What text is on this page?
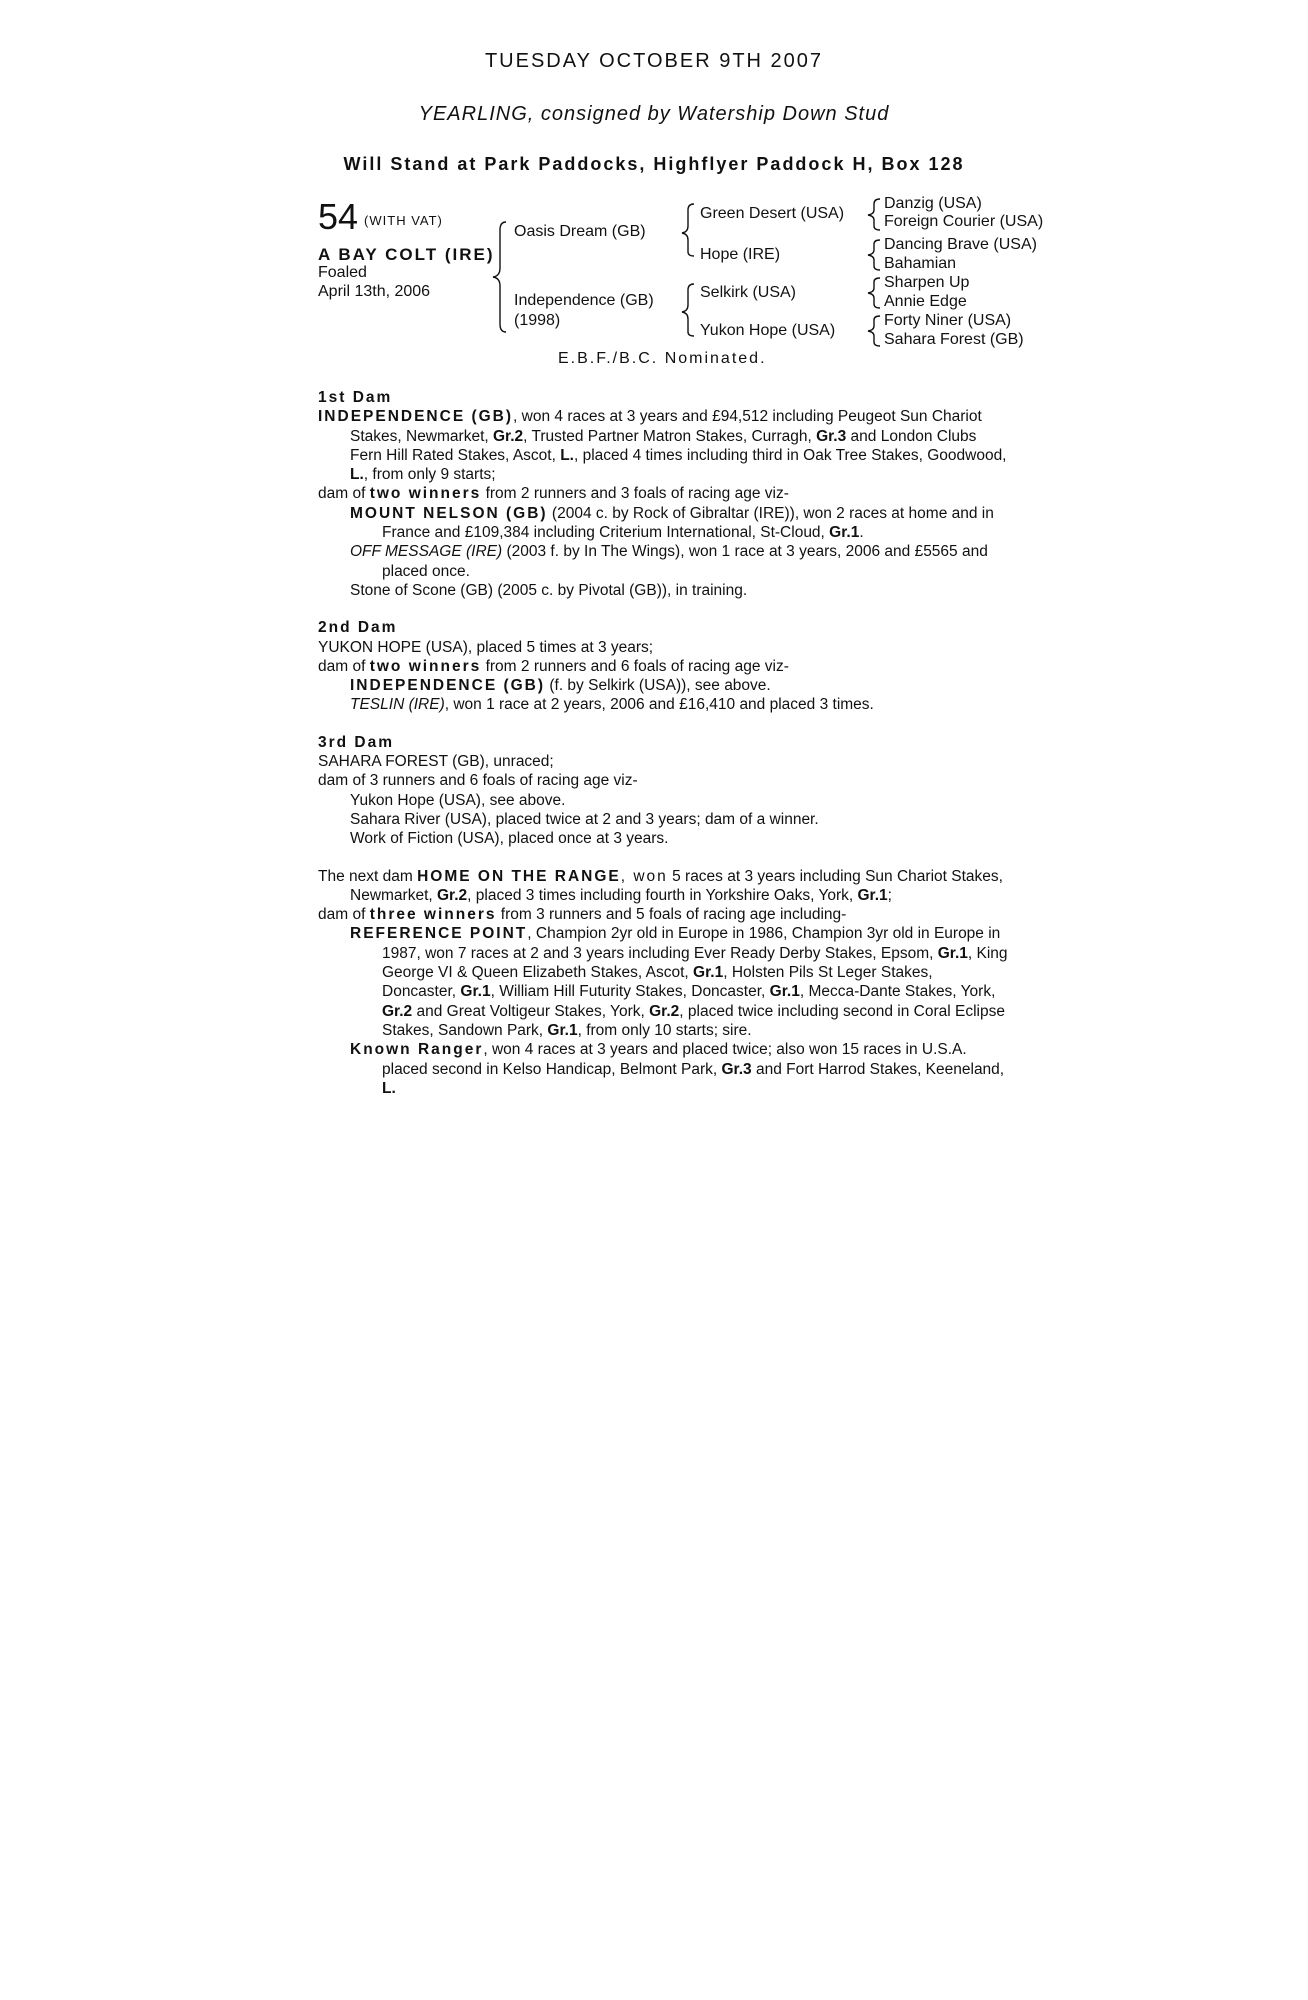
TUESDAY OCTOBER 9TH 2007
YEARLING, consigned by Watership Down Stud
Will Stand at Park Paddocks, Highflyer Paddock H, Box 128
54 (WITH VAT)
A BAY COLT (IRE)
Foaled
April 13th, 2006
Oasis Dream (GB)
Independence (GB)
(1998)
Green Desert (USA)
Hope (IRE)
Selkirk (USA)
Yukon Hope (USA)
Danzig (USA)
Foreign Courier (USA)
Dancing Brave (USA)
Bahamian
Sharpen Up
Annie Edge
Forty Niner (USA)
Sahara Forest (GB)
E.B.F./B.C. Nominated.

1st Dam

INDEPENDENCE (GB), won 4 races at 3 years and £94,512 including Peugeot Sun Chariot Stakes, Newmarket, Gr.2, Trusted Partner Matron Stakes, Curragh, Gr.3 and London Clubs Fern Hill Rated Stakes, Ascot, L., placed 4 times including third in Oak Tree Stakes, Goodwood, L., from only 9 starts;

dam of two winners from 2 runners and 3 foals of racing age viz-

MOUNT NELSON (GB) (2004 c. by Rock of Gibraltar (IRE)), won 2 races at home and in France and £109,384 including Criterium International, St-Cloud, Gr.1.

OFF MESSAGE (IRE) (2003 f. by In The Wings), won 1 race at 3 years, 2006 and £5565 and placed once.

Stone of Scone (GB) (2005 c. by Pivotal (GB)), in training.

2nd Dam

YUKON HOPE (USA), placed 5 times at 3 years;

dam of two winners from 2 runners and 6 foals of racing age viz-

INDEPENDENCE (GB) (f. by Selkirk (USA)), see above.

TESLIN (IRE), won 1 race at 2 years, 2006 and £16,410 and placed 3 times.

3rd Dam

SAHARA FOREST (GB), unraced;

dam of 3 runners and 6 foals of racing age viz-

Yukon Hope (USA), see above.

Sahara River (USA), placed twice at 2 and 3 years; dam of a winner.

Work of Fiction (USA), placed once at 3 years.

The next dam HOME ON THE RANGE, won 5 races at 3 years including Sun Chariot Stakes, Newmarket, Gr.2, placed 3 times including fourth in Yorkshire Oaks, York, Gr.1;

dam of three winners from 3 runners and 5 foals of racing age including-

REFERENCE POINT, Champion 2yr old in Europe in 1986, Champion 3yr old in Europe in 1987, won 7 races at 2 and 3 years including Ever Ready Derby Stakes, Epsom, Gr.1, King George VI & Queen Elizabeth Stakes, Ascot, Gr.1, Holsten Pils St Leger Stakes, Doncaster, Gr.1, William Hill Futurity Stakes, Doncaster, Gr.1, Mecca-Dante Stakes, York, Gr.2 and Great Voltigeur Stakes, York, Gr.2, placed twice including second in Coral Eclipse Stakes, Sandown Park, Gr.1, from only 10 starts; sire.

Known Ranger, won 4 races at 3 years and placed twice; also won 15 races in U.S.A. placed second in Kelso Handicap, Belmont Park, Gr.3 and Fort Harrod Stakes, Keeneland, L.
